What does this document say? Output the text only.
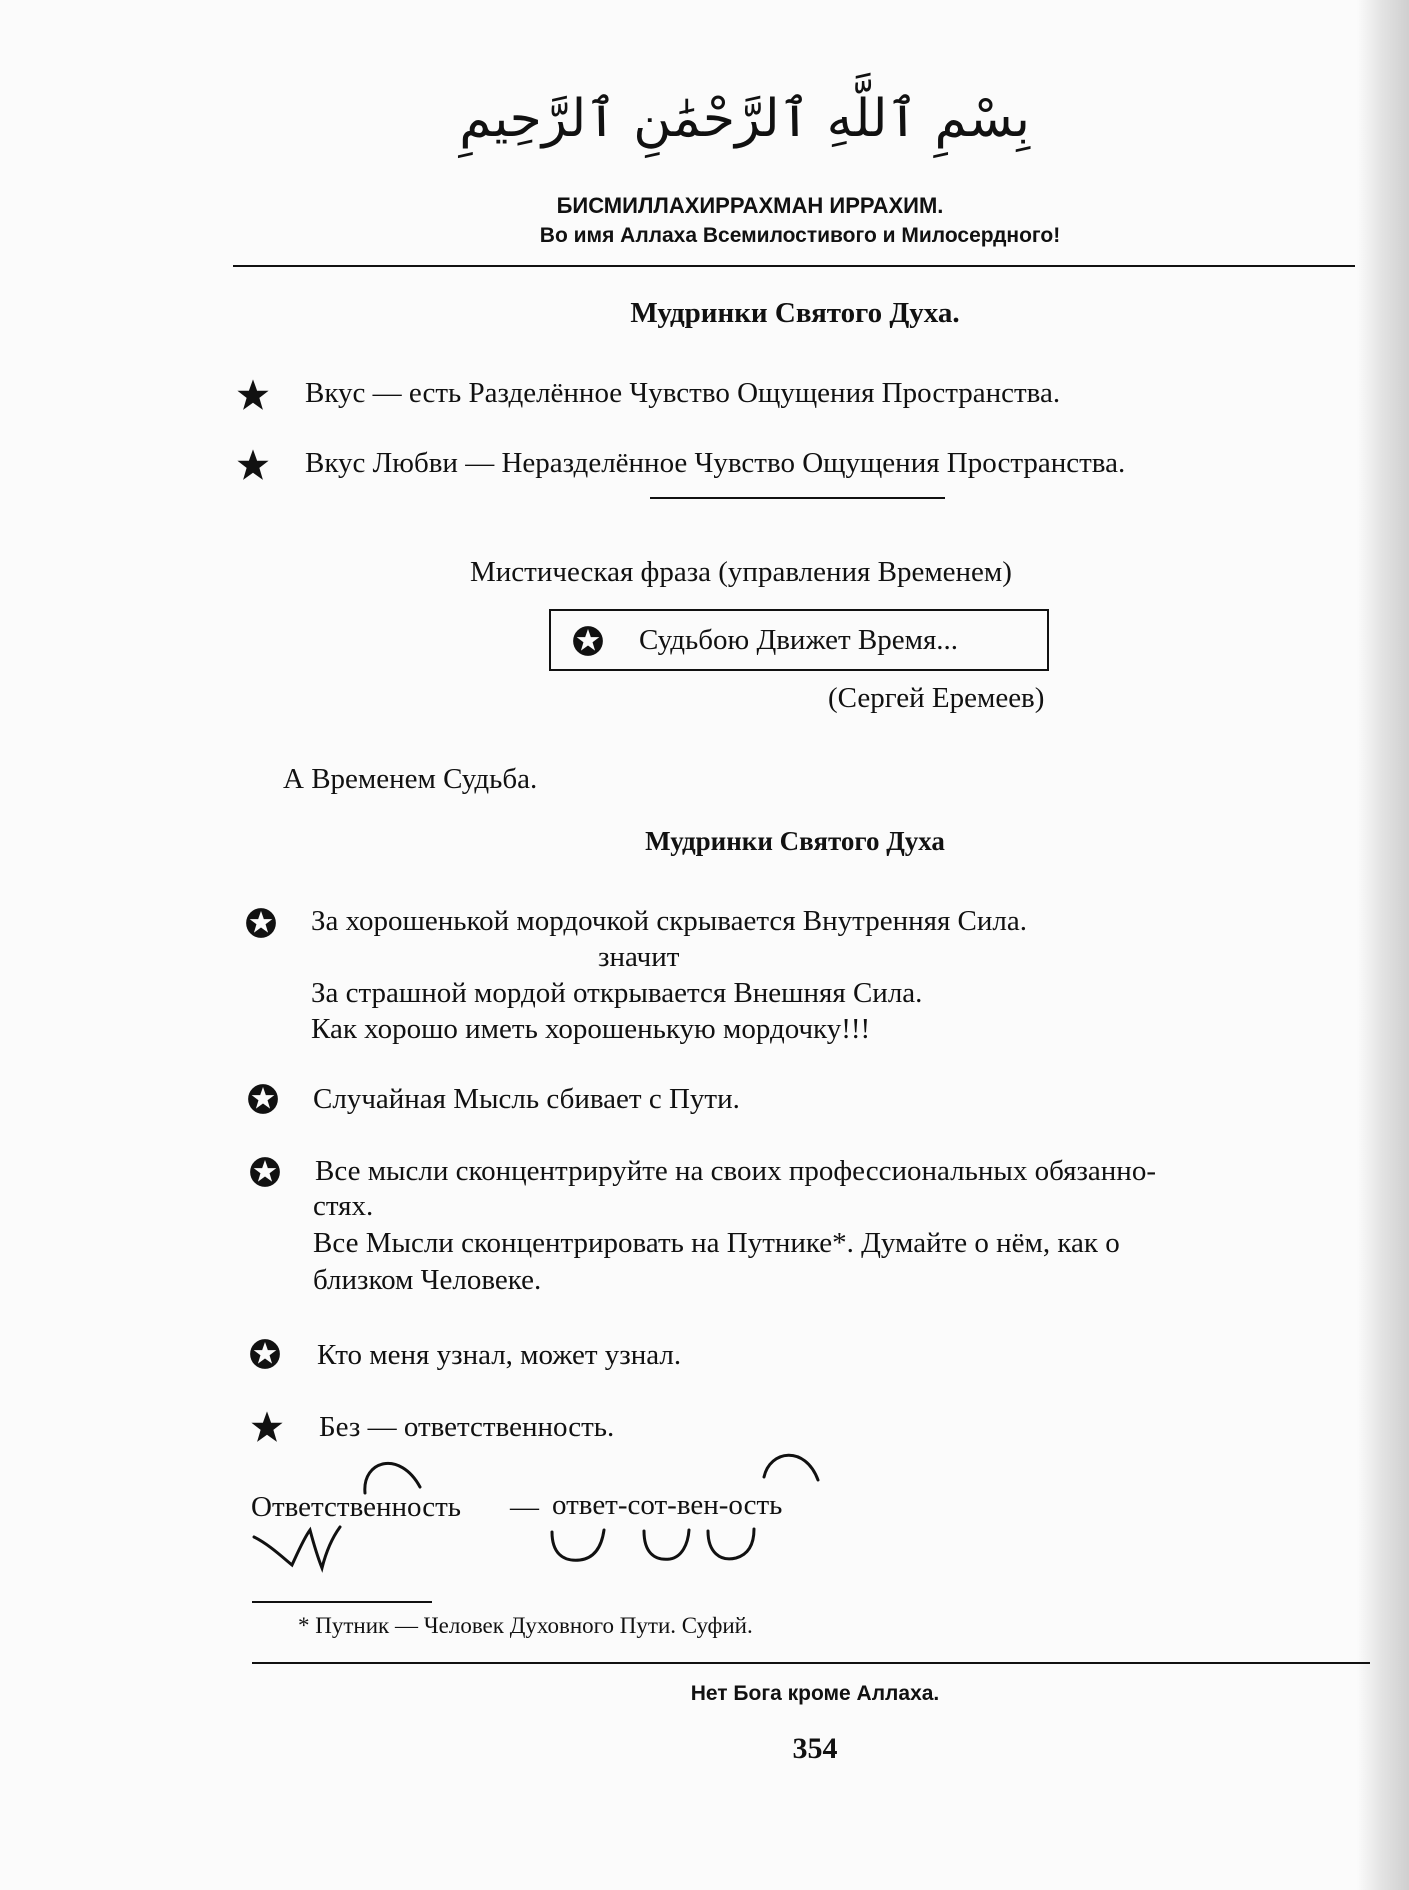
بِسْمِ ٱللَّهِ ٱلرَّحْمَٰنِ ٱلرَّحِيمِ
БИСМИЛЛАХИРРАХМАН ИРРАХИМ.
Во имя Аллаха Всемилостивого и Милосердного!
Мудринки Святого Духа.
Вкус — есть Разделённое Чувство Ощущения Пространства.
Вкус Любви — Неразделённое Чувство Ощущения Пространства.
Мистическая фраза (управления Временем)
Судьбою Движет Время...
(Сергей Еремеев)
А Временем Судьба.
Мудринки Святого Духа
За хорошенькой мордочкой скрывается Внутренняя Сила.
значит
За страшной мордой открывается Внешняя Сила.
Как хорошо иметь хорошенькую мордочку!!!
Случайная Мысль сбивает с Пути.
Все мысли сконцентрируйте на своих профессиональных обязанно-
стях.
Все Мысли сконцентрировать на Путнике*. Думайте о нём, как о
близком Человеке.
Кто меня узнал, может узнал.
Без — ответственность.
Ответственность — ответ-сот-вен-ость
* Путник — Человек Духовного Пути. Суфий.
Нет Бога кроме Аллаха.
354
